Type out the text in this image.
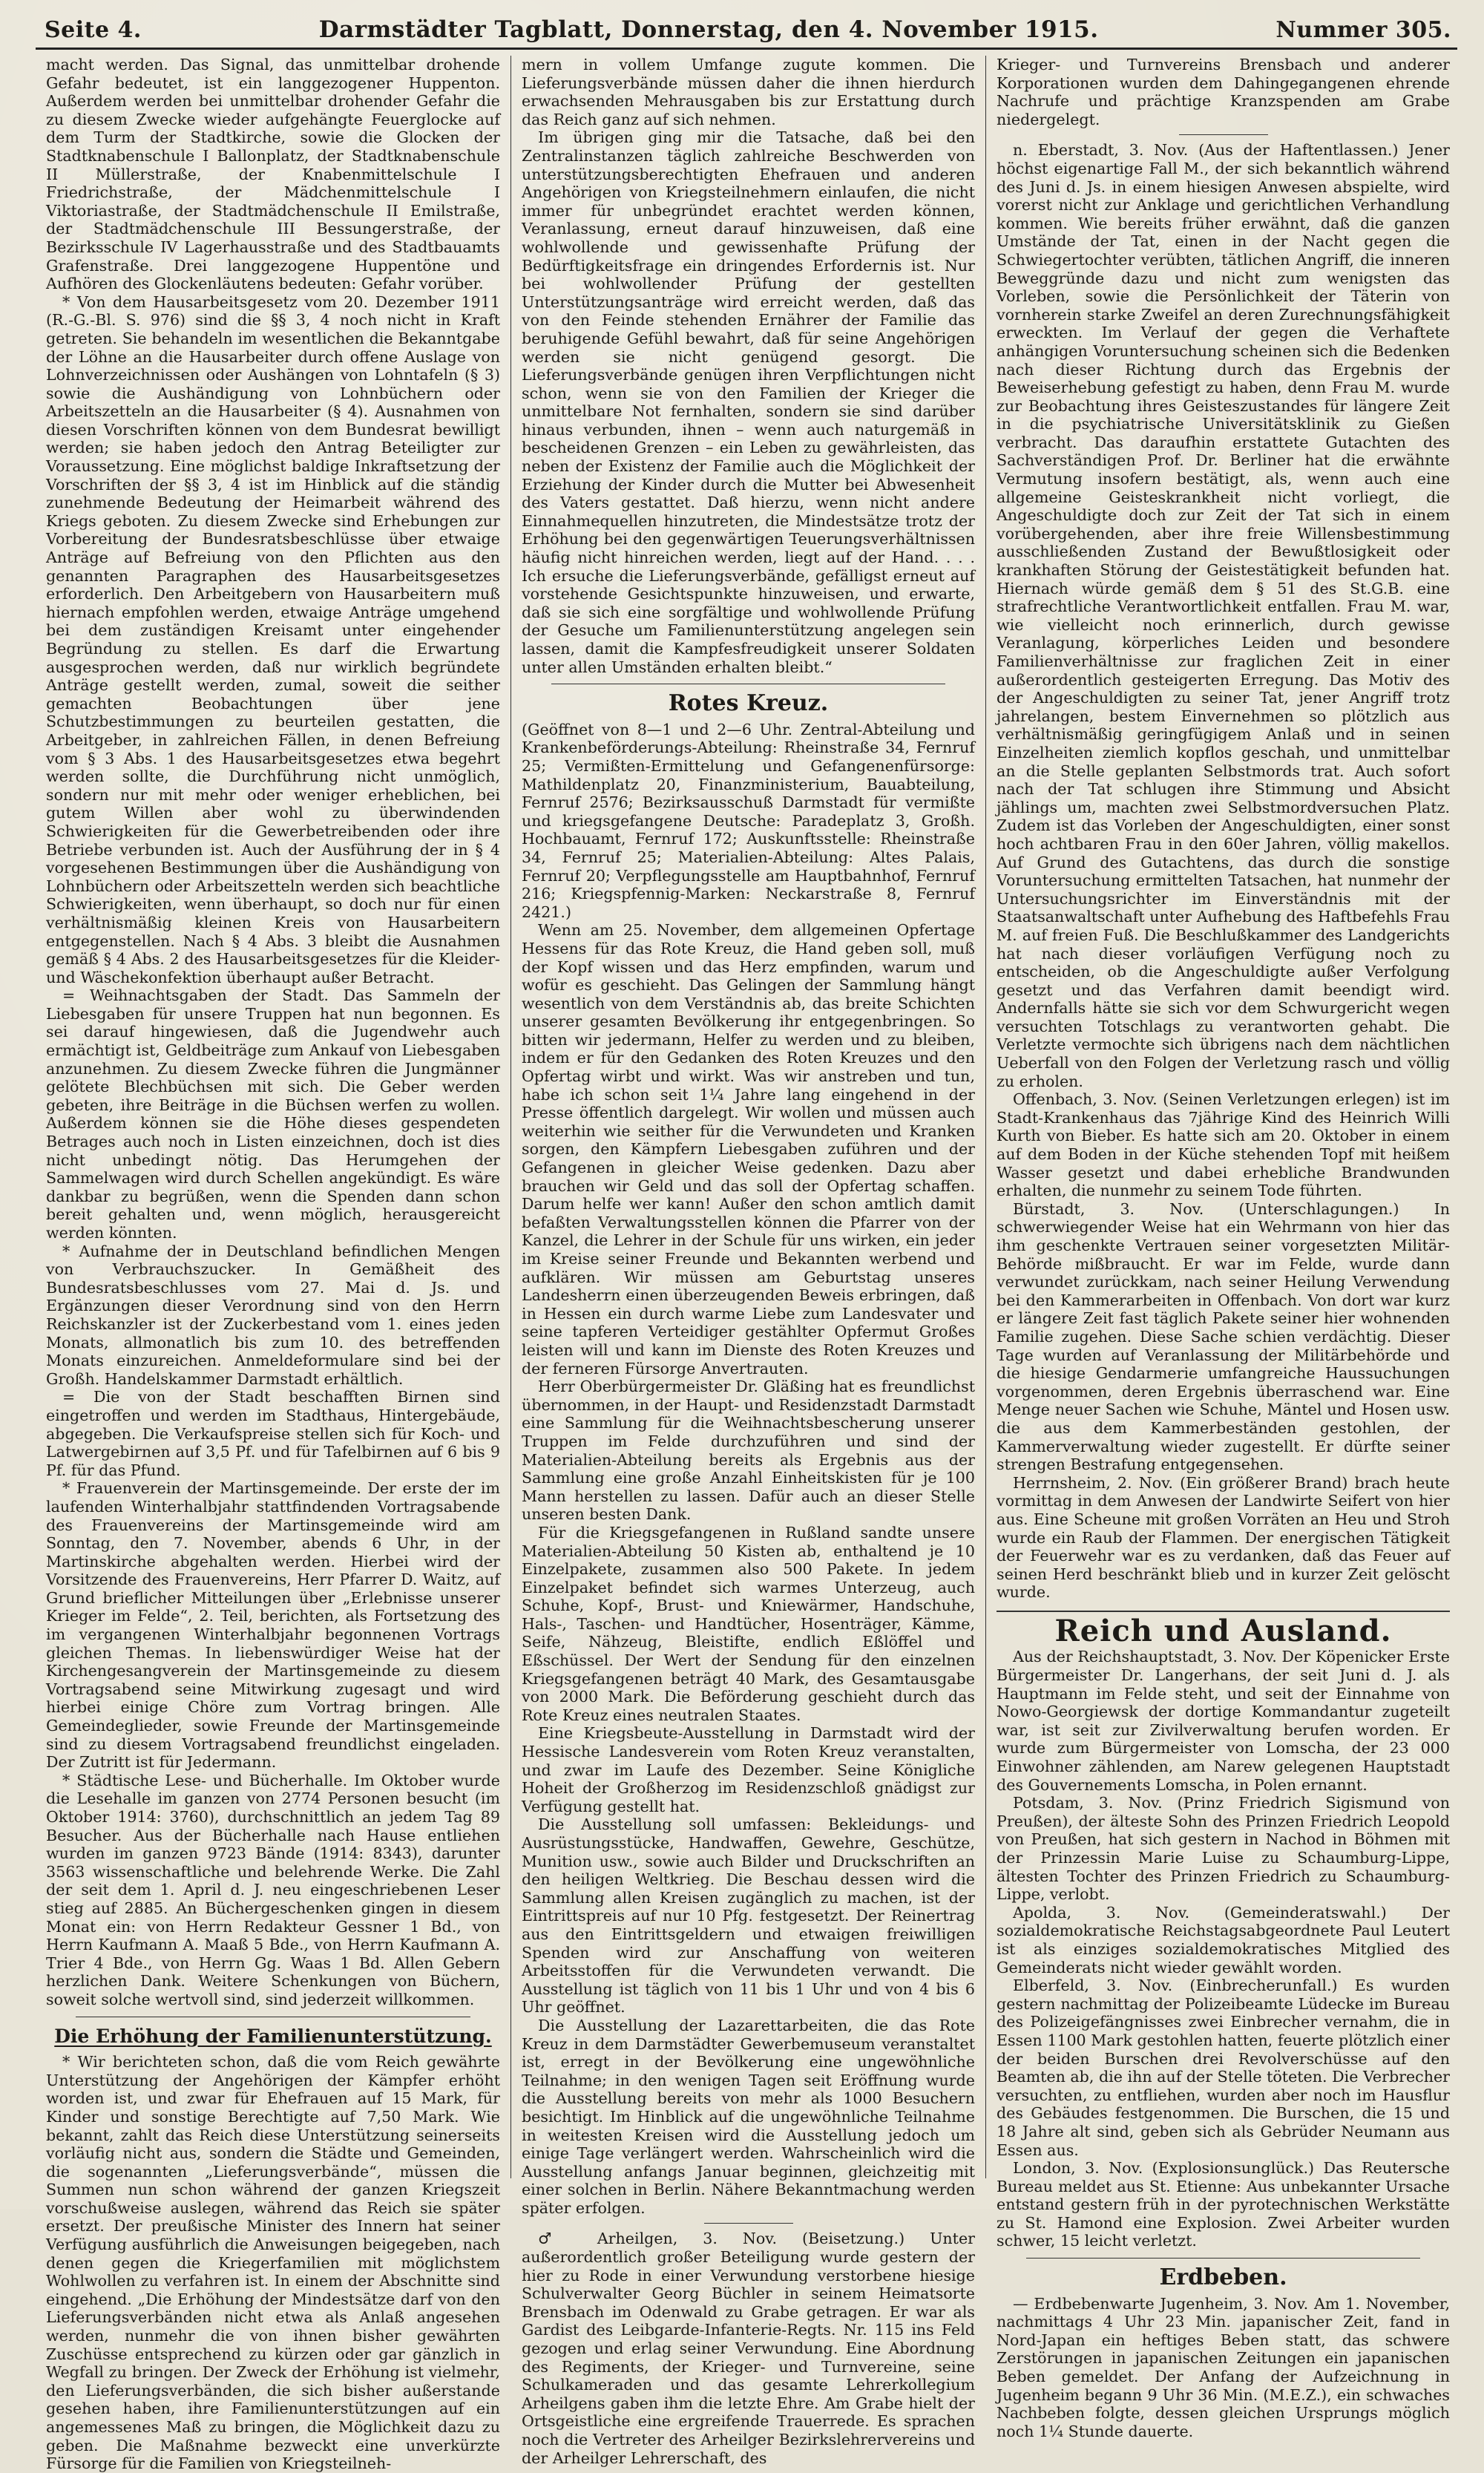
Seite 4.	Darmstädter Tagblatt, Donnerstag, den 4. November 1915.	Nummer 305.

macht werden. Das Signal, das unmittelbar drohende Gefahr bedeutet, ist ein langgezogener Huppenton. Außerdem werden bei unmittelbar drohender Gefahr die zu diesem Zwecke wieder aufgehängte Feuerglocke auf dem Turm der Stadtkirche, sowie die Glocken der Stadtknabenschule I Ballonplatz, der Stadtknabenschule II Müllerstraße, der Knabenmittelschule I Friedrichstraße, der Mädchenmittelschule I Viktoriastraße, der Stadtmädchenschule II Emilstraße, der Stadtmädchenschule III Bessungerstraße, der Bezirksschule IV Lagerhausstraße und des Stadtbauamts Grafenstraße. Drei langgezogene Huppentöne und Aufhören des Glockenläutens bedeuten: Gefahr vorüber.

* Von dem Hausarbeitsgesetz vom 20. Dezember 1911 (R.-G.-Bl. S. 976) sind die §§ 3, 4 noch nicht in Kraft getreten. Sie behandeln im wesentlichen die Bekanntgabe der Löhne an die Hausarbeiter durch offene Auslage von Lohnverzeichnissen oder Aushängen von Lohntafeln (§ 3) sowie die Aushändigung von Lohnbüchern oder Arbeitszetteln an die Hausarbeiter (§ 4). Ausnahmen von diesen Vorschriften können von dem Bundesrat bewilligt werden; sie haben jedoch den Antrag Beteiligter zur Voraussetzung. Eine möglichst baldige Inkraftsetzung der Vorschriften der §§ 3, 4 ist im Hinblick auf die ständig zunehmende Bedeutung der Heimarbeit während des Kriegs geboten. Zu diesem Zwecke sind Erhebungen zur Vorbereitung der Bundesratsbeschlüsse über etwaige Anträge auf Befreiung von den Pflichten aus den genannten Paragraphen des Hausarbeitsgesetzes erforderlich. Den Arbeitgebern von Hausarbeitern muß hiernach empfohlen werden, etwaige Anträge umgehend bei dem zuständigen Kreisamt unter eingehender Begründung zu stellen. Es darf die Erwartung ausgesprochen werden, daß nur wirklich begründete Anträge gestellt werden, zumal, soweit die seither gemachten Beobachtungen über jene Schutzbestimmungen zu beurteilen gestatten, die Arbeitgeber, in zahlreichen Fällen, in denen Befreiung vom § 3 Abs. 1 des Hausarbeitsgesetzes etwa begehrt werden sollte, die Durchführung nicht unmöglich, sondern nur mit mehr oder weniger erheblichen, bei gutem Willen aber wohl zu überwindenden Schwierigkeiten für die Gewerbetreibenden oder ihre Betriebe verbunden ist. Auch der Ausführung der in § 4 vorgesehenen Bestimmungen über die Aushändigung von Lohnbüchern oder Arbeitszetteln werden sich beachtliche Schwierigkeiten, wenn überhaupt, so doch nur für einen verhältnismäßig kleinen Kreis von Hausarbeitern entgegenstellen. Nach § 4 Abs. 3 bleibt die Ausnahmen gemäß § 4 Abs. 2 des Hausarbeitsgesetzes für die Kleider- und Wäschekonfektion überhaupt außer Betracht.

= Weihnachtsgaben der Stadt. Das Sammeln der Liebesgaben für unsere Truppen hat nun begonnen. Es sei darauf hingewiesen, daß die Jugendwehr auch ermächtigt ist, Geldbeiträge zum Ankauf von Liebesgaben anzunehmen. Zu diesem Zwecke führen die Jungmänner gelötete Blechbüchsen mit sich. Die Geber werden gebeten, ihre Beiträge in die Büchsen werfen zu wollen. Außerdem können sie die Höhe dieses gespendeten Betrages auch noch in Listen einzeichnen, doch ist dies nicht unbedingt nötig. Das Herumgehen der Sammelwagen wird durch Schellen angekündigt. Es wäre dankbar zu begrüßen, wenn die Spenden dann schon bereit gehalten und, wenn möglich, herausgereicht werden könnten.

* Aufnahme der in Deutschland befindlichen Mengen von Verbrauchszucker. In Gemäßheit des Bundesratsbeschlusses vom 27. Mai d. Js. und Ergänzungen dieser Verordnung sind von den Herrn Reichskanzler ist der Zuckerbestand vom 1. eines jeden Monats, allmonatlich bis zum 10. des betreffenden Monats einzureichen. Anmeldeformulare sind bei der Großh. Handelskammer Darmstadt erhältlich.

= Die von der Stadt beschafften Birnen sind eingetroffen und werden im Stadthaus, Hintergebäude, abgegeben. Die Verkaufspreise stellen sich für Koch- und Latwergebirnen auf 3,5 Pf. und für Tafelbirnen auf 6 bis 9 Pf. für das Pfund.

* Frauenverein der Martinsgemeinde. Der erste der im laufenden Winterhalbjahr stattfindenden Vortragsabende des Frauenvereins der Martinsgemeinde wird am Sonntag, den 7. November, abends 6 Uhr, in der Martinskirche abgehalten werden. Hierbei wird der Vorsitzende des Frauenvereins, Herr Pfarrer D. Waitz, auf Grund brieflicher Mitteilungen über „Erlebnisse unserer Krieger im Felde“, 2. Teil, berichten, als Fortsetzung des im vergangenen Winterhalbjahr begonnenen Vortrags gleichen Themas. In liebenswürdiger Weise hat der Kirchengesangverein der Martinsgemeinde zu diesem Vortragsabend seine Mitwirkung zugesagt und wird hierbei einige Chöre zum Vortrag bringen. Alle Gemeindeglieder, sowie Freunde der Martinsgemeinde sind zu diesem Vortragsabend freundlichst eingeladen. Der Zutritt ist für Jedermann.

* Städtische Lese- und Bücherhalle. Im Oktober wurde die Lesehalle im ganzen von 2774 Personen besucht (im Oktober 1914: 3760), durchschnittlich an jedem Tag 89 Besucher. Aus der Bücherhalle nach Hause entliehen wurden im ganzen 9723 Bände (1914: 8343), darunter 3563 wissenschaftliche und belehrende Werke. Die Zahl der seit dem 1. April d. J. neu eingeschriebenen Leser stieg auf 2885. An Büchergeschenken gingen in diesem Monat ein: von Herrn Redakteur Gessner 1 Bd., von Herrn Kaufmann A. Maaß 5 Bde., von Herrn Kaufmann A. Trier 4 Bde., von Herrn Gg. Waas 1 Bd. Allen Gebern herzlichen Dank. Weitere Schenkungen von Büchern, soweit solche wertvoll sind, sind jederzeit willkommen.

Die Erhöhung der Familienunterstützung.

* Wir berichteten schon, daß die vom Reich gewährte Unterstützung der Angehörigen der Kämpfer erhöht worden ist, und zwar für Ehefrauen auf 15 Mark, für Kinder und sonstige Berechtigte auf 7,50 Mark. Wie bekannt, zahlt das Reich diese Unterstützung seinerseits vorläufig nicht aus, sondern die Städte und Gemeinden, die sogenannten „Lieferungsverbände“, müssen die Summen nun schon während der ganzen Kriegszeit vorschußweise auslegen, während das Reich sie später ersetzt. Der preußische Minister des Innern hat seiner Verfügung ausführlich die Anweisungen beigegeben, nach denen gegen die Kriegerfamilien mit möglichstem Wohlwollen zu verfahren ist. In einem der Abschnitte sind eingehend. „Die Erhöhung der Mindestsätze darf von den Lieferungsverbänden nicht etwa als Anlaß angesehen werden, nunmehr die von ihnen bisher gewährten Zuschüsse entsprechend zu kürzen oder gar gänzlich in Wegfall zu bringen. Der Zweck der Erhöhung ist vielmehr, den Lieferungsverbänden, die sich bisher außerstande gesehen haben, ihre Familienunterstützungen auf ein angemessenes Maß zu bringen, die Möglichkeit dazu zu geben. Die Maßnahme bezweckt eine unverkürzte Fürsorge für die Familien von Kriegsteilneh-

mern in vollem Umfange zugute kommen. Die Lieferungsverbände müssen daher die ihnen hierdurch erwachsenden Mehrausgaben bis zur Erstattung durch das Reich ganz auf sich nehmen.

Im übrigen ging mir die Tatsache, daß bei den Zentralinstanzen täglich zahlreiche Beschwerden von unterstützungsberechtigten Ehefrauen und anderen Angehörigen von Kriegsteilnehmern einlaufen, die nicht immer für unbegründet erachtet werden können, Veranlassung, erneut darauf hinzuweisen, daß eine wohlwollende und gewissenhafte Prüfung der Bedürftigkeitsfrage ein dringendes Erfordernis ist. Nur bei wohlwollender Prüfung der gestellten Unterstützungsanträge wird erreicht werden, daß das von den Feinde stehenden Ernährer der Familie das beruhigende Gefühl bewahrt, daß für seine Angehörigen werden sie nicht genügend gesorgt. Die Lieferungsverbände genügen ihren Verpflichtungen nicht schon, wenn sie von den Familien der Krieger die unmittelbare Not fernhalten, sondern sie sind darüber hinaus verbunden, ihnen – wenn auch naturgemäß in bescheidenen Grenzen – ein Leben zu gewährleisten, das neben der Existenz der Familie auch die Möglichkeit der Erziehung der Kinder durch die Mutter bei Abwesenheit des Vaters gestattet. Daß hierzu, wenn nicht andere Einnahmequellen hinzutreten, die Mindestsätze trotz der Erhöhung bei den gegenwärtigen Teuerungsverhältnissen häufig nicht hinreichen werden, liegt auf der Hand. . . . Ich ersuche die Lieferungsverbände, gefälligst erneut auf vorstehende Gesichtspunkte hinzuweisen, und erwarte, daß sie sich eine sorgfältige und wohlwollende Prüfung der Gesuche um Familienunterstützung angelegen sein lassen, damit die Kampfesfreudigkeit unserer Soldaten unter allen Umständen erhalten bleibt.“

Rotes Kreuz.

(Geöffnet von 8—1 und 2—6 Uhr. Zentral-Abteilung und Krankenbeförderungs-Abteilung: Rheinstraße 34, Fernruf 25; Vermißten-Ermittelung und Gefangenenfürsorge: Mathildenplatz 20, Finanzministerium, Bauabteilung, Fernruf 2576; Bezirksausschuß Darmstadt für vermißte und kriegsgefangene Deutsche: Paradeplatz 3, Großh. Hochbauamt, Fernruf 172; Auskunftsstelle: Rheinstraße 34, Fernruf 25; Materialien-Abteilung: Altes Palais, Fernruf 20; Verpflegungsstelle am Hauptbahnhof, Fernruf 216; Kriegspfennig-Marken: Neckarstraße 8, Fernruf 2421.)

Wenn am 25. November, dem allgemeinen Opfertage Hessens für das Rote Kreuz, die Hand geben soll, muß der Kopf wissen und das Herz empfinden, warum und wofür es geschieht. Das Gelingen der Sammlung hängt wesentlich von dem Verständnis ab, das breite Schichten unserer gesamten Bevölkerung ihr entgegenbringen. So bitten wir jedermann, Helfer zu werden und zu bleiben, indem er für den Gedanken des Roten Kreuzes und den Opfertag wirbt und wirkt. Was wir anstreben und tun, habe ich schon seit 1¼ Jahre lang eingehend in der Presse öffentlich dargelegt. Wir wollen und müssen auch weiterhin wie seither für die Verwundeten und Kranken sorgen, den Kämpfern Liebesgaben zuführen und der Gefangenen in gleicher Weise gedenken. Dazu aber brauchen wir Geld und das soll der Opfertag schaffen. Darum helfe wer kann! Außer den schon amtlich damit befaßten Verwaltungsstellen können die Pfarrer von der Kanzel, die Lehrer in der Schule für uns wirken, ein jeder im Kreise seiner Freunde und Bekannten werbend und aufklären. Wir müssen am Geburtstag unseres Landesherrn einen überzeugenden Beweis erbringen, daß in Hessen ein durch warme Liebe zum Landesvater und seine tapferen Verteidiger gestählter Opfermut Großes leisten will und kann im Dienste des Roten Kreuzes und der ferneren Fürsorge Anvertrauten.

Herr Oberbürgermeister Dr. Gläßing hat es freundlichst übernommen, in der Haupt- und Residenzstadt Darmstadt eine Sammlung für die Weihnachtsbescherung unserer Truppen im Felde durchzuführen und sind der Materialien-Abteilung bereits als Ergebnis aus der Sammlung eine große Anzahl Einheitskisten für je 100 Mann herstellen zu lassen. Dafür auch an dieser Stelle unseren besten Dank.

Für die Kriegsgefangenen in Rußland sandte unsere Materialien-Abteilung 50 Kisten ab, enthaltend je 10 Einzelpakete, zusammen also 500 Pakete. In jedem Einzelpaket befindet sich warmes Unterzeug, auch Schuhe, Kopf-, Brust- und Kniewärmer, Handschuhe, Hals-, Taschen- und Handtücher, Hosenträger, Kämme, Seife, Nähzeug, Bleistifte, endlich Eßlöffel und Eßschüssel. Der Wert der Sendung für den einzelnen Kriegsgefangenen beträgt 40 Mark, des Gesamtausgabe von 2000 Mark. Die Beförderung geschieht durch das Rote Kreuz eines neutralen Staates.

Eine Kriegsbeute-Ausstellung in Darmstadt wird der Hessische Landesverein vom Roten Kreuz veranstalten, und zwar im Laufe des Dezember. Seine Königliche Hoheit der Großherzog im Residenzschloß gnädigst zur Verfügung gestellt hat.

Die Ausstellung soll umfassen: Bekleidungs- und Ausrüstungsstücke, Handwaffen, Gewehre, Geschütze, Munition usw., sowie auch Bilder und Druckschriften an den heiligen Weltkrieg. Die Beschau dessen wird die Sammlung allen Kreisen zugänglich zu machen, ist der Eintrittspreis auf nur 10 Pfg. festgesetzt. Der Reinertrag aus den Eintrittsgeldern und etwaigen freiwilligen Spenden wird zur Anschaffung von weiteren Arbeitsstoffen für die Verwundeten verwandt. Die Ausstellung ist täglich von 11 bis 1 Uhr und von 4 bis 6 Uhr geöffnet.

Die Ausstellung der Lazarettarbeiten, die das Rote Kreuz in dem Darmstädter Gewerbemuseum veranstaltet ist, erregt in der Bevölkerung eine ungewöhnliche Teilnahme; in den wenigen Tagen seit Eröffnung wurde die Ausstellung bereits von mehr als 1000 Besuchern besichtigt. Im Hinblick auf die ungewöhnliche Teilnahme in weitesten Kreisen wird die Ausstellung jedoch um einige Tage verlängert werden. Wahrscheinlich wird die Ausstellung anfangs Januar beginnen, gleichzeitig mit einer solchen in Berlin. Nähere Bekanntmachung werden später erfolgen.

♂ Arheilgen, 3. Nov. (Beisetzung.) Unter außerordentlich großer Beteiligung wurde gestern der hier zu Rode in einer Verwundung verstorbene hiesige Schulverwalter Georg Büchler in seinem Heimatsorte Brensbach im Odenwald zu Grabe getragen. Er war als Gardist des Leibgarde-Infanterie-Regts. Nr. 115 ins Feld gezogen und erlag seiner Verwundung. Eine Abordnung des Regiments, der Krieger- und Turnvereine, seine Schulkameraden und das gesamte Lehrerkollegium Arheilgens gaben ihm die letzte Ehre. Am Grabe hielt der Ortsgeistliche eine ergreifende Trauerrede. Es sprachen noch die Vertreter des Arheilger Bezirkslehrervereins und der Arheilger Lehrerschaft, des

Krieger- und Turnvereins Brensbach und anderer Korporationen wurden dem Dahingegangenen ehrende Nachrufe und prächtige Kranzspenden am Grabe niedergelegt.

n. Eberstadt, 3. Nov. (Aus der Haftentlassen.) Jener höchst eigenartige Fall M., der sich bekanntlich während des Juni d. Js. in einem hiesigen Anwesen abspielte, wird vorerst nicht zur Anklage und gerichtlichen Verhandlung kommen. Wie bereits früher erwähnt, daß die ganzen Umstände der Tat, einen in der Nacht gegen die Schwiegertochter verübten, tätlichen Angriff, die inneren Beweggründe dazu und nicht zum wenigsten das Vorleben, sowie die Persönlichkeit der Täterin von vornherein starke Zweifel an deren Zurechnungsfähigkeit erweckten. Im Verlauf der gegen die Verhaftete anhängigen Voruntersuchung scheinen sich die Bedenken nach dieser Richtung durch das Ergebnis der Beweiserhebung gefestigt zu haben, denn Frau M. wurde zur Beobachtung ihres Geisteszustandes für längere Zeit in die psychiatrische Universitätsklinik zu Gießen verbracht. Das daraufhin erstattete Gutachten des Sachverständigen Prof. Dr. Berliner hat die erwähnte Vermutung insofern bestätigt, als, wenn auch eine allgemeine Geisteskrankheit nicht vorliegt, die Angeschuldigte doch zur Zeit der Tat sich in einem vorübergehenden, aber ihre freie Willensbestimmung ausschließenden Zustand der Bewußtlosigkeit oder krankhaften Störung der Geistestätigkeit befunden hat. Hiernach würde gemäß dem § 51 des St.G.B. eine strafrechtliche Verantwortlichkeit entfallen. Frau M. war, wie vielleicht noch erinnerlich, durch gewisse Veranlagung, körperliches Leiden und besondere Familienverhältnisse zur fraglichen Zeit in einer außerordentlich gesteigerten Erregung. Das Motiv des der Angeschuldigten zu seiner Tat, jener Angriff trotz jahrelangen, bestem Einvernehmen so plötzlich aus verhältnismäßig geringfügigem Anlaß und in seinen Einzelheiten ziemlich kopflos geschah, und unmittelbar an die Stelle geplanten Selbstmords trat. Auch sofort nach der Tat schlugen ihre Stimmung und Absicht jählings um, machten zwei Selbstmordversuchen Platz. Zudem ist das Vorleben der Angeschuldigten, einer sonst hoch achtbaren Frau in den 60er Jahren, völlig makellos. Auf Grund des Gutachtens, das durch die sonstige Voruntersuchung ermittelten Tatsachen, hat nunmehr der Untersuchungsrichter im Einverständnis mit der Staatsanwaltschaft unter Aufhebung des Haftbefehls Frau M. auf freien Fuß. Die Beschlußkammer des Landgerichts hat nach dieser vorläufigen Verfügung noch zu entscheiden, ob die Angeschuldigte außer Verfolgung gesetzt und das Verfahren damit beendigt wird. Andernfalls hätte sie sich vor dem Schwurgericht wegen versuchten Totschlags zu verantworten gehabt. Die Verletzte vermochte sich übrigens nach dem nächtlichen Ueberfall von den Folgen der Verletzung rasch und völlig zu erholen.

Offenbach, 3. Nov. (Seinen Verletzungen erlegen) ist im Stadt-Krankenhaus das 7jährige Kind des Heinrich Willi Kurth von Bieber. Es hatte sich am 20. Oktober in einem auf dem Boden in der Küche stehenden Topf mit heißem Wasser gesetzt und dabei erhebliche Brandwunden erhalten, die nunmehr zu seinem Tode führten.

Bürstadt, 3. Nov. (Unterschlagungen.) In schwerwiegender Weise hat ein Wehrmann von hier das ihm geschenkte Vertrauen seiner vorgesetzten Militär-Behörde mißbraucht. Er war im Felde, wurde dann verwundet zurückkam, nach seiner Heilung Verwendung bei den Kammerarbeiten in Offenbach. Von dort war kurz er längere Zeit fast täglich Pakete seiner hier wohnenden Familie zugehen. Diese Sache schien verdächtig. Dieser Tage wurden auf Veranlassung der Militärbehörde und die hiesige Gendarmerie umfangreiche Haussuchungen vorgenommen, deren Ergebnis überraschend war. Eine Menge neuer Sachen wie Schuhe, Mäntel und Hosen usw. die aus dem Kammerbeständen gestohlen, der Kammerverwaltung wieder zugestellt. Er dürfte seiner strengen Bestrafung entgegensehen.

Herrnsheim, 2. Nov. (Ein größerer Brand) brach heute vormittag in dem Anwesen der Landwirte Seifert von hier aus. Eine Scheune mit großen Vorräten an Heu und Stroh wurde ein Raub der Flammen. Der energischen Tätigkeit der Feuerwehr war es zu verdanken, daß das Feuer auf seinen Herd beschränkt blieb und in kurzer Zeit gelöscht wurde.

Reich und Ausland.

Aus der Reichshauptstadt, 3. Nov. Der Köpenicker Erste Bürgermeister Dr. Langerhans, der seit Juni d. J. als Hauptmann im Felde steht, und seit der Einnahme von Nowo-Georgiewsk der dortige Kommandantur zugeteilt war, ist seit zur Zivilverwaltung berufen worden. Er wurde zum Bürgermeister von Lomscha, der 23 000 Einwohner zählenden, am Narew gelegenen Hauptstadt des Gouvernements Lomscha, in Polen ernannt.

Potsdam, 3. Nov. (Prinz Friedrich Sigismund von Preußen), der älteste Sohn des Prinzen Friedrich Leopold von Preußen, hat sich gestern in Nachod in Böhmen mit der Prinzessin Marie Luise zu Schaumburg-Lippe, ältesten Tochter des Prinzen Friedrich zu Schaumburg-Lippe, verlobt.

Apolda, 3. Nov. (Gemeinderatswahl.) Der sozialdemokratische Reichstagsabgeordnete Paul Leutert ist als einziges sozialdemokratisches Mitglied des Gemeinderats nicht wieder gewählt worden.

Elberfeld, 3. Nov. (Einbrecherunfall.) Es wurden gestern nachmittag der Polizeibeamte Lüdecke im Bureau des Polizeigefängnisses zwei Einbrecher vernahm, die in Essen 1100 Mark gestohlen hatten, feuerte plötzlich einer der beiden Burschen drei Revolverschüsse auf den Beamten ab, die ihn auf der Stelle töteten. Die Verbrecher versuchten, zu entfliehen, wurden aber noch im Hausflur des Gebäudes festgenommen. Die Burschen, die 15 und 18 Jahre alt sind, geben sich als Gebrüder Neumann aus Essen aus.

London, 3. Nov. (Explosionsunglück.) Das Reutersche Bureau meldet aus St. Etienne: Aus unbekannter Ursache entstand gestern früh in der pyrotechnischen Werkstätte zu St. Hamond eine Explosion. Zwei Arbeiter wurden schwer, 15 leicht verletzt.

Erdbeben.

— Erdbebenwarte Jugenheim, 3. Nov. Am 1. November, nachmittags 4 Uhr 23 Min. japanischer Zeit, fand in Nord-Japan ein heftiges Beben statt, das schwere Zerstörungen in japanischen Zeitungen ein japanischen Beben gemeldet. Der Anfang der Aufzeichnung in Jugenheim begann 9 Uhr 36 Min. (M.E.Z.), ein schwaches Nachbeben folgte, dessen gleichen Ursprungs möglich noch 1¼ Stunde dauerte.
